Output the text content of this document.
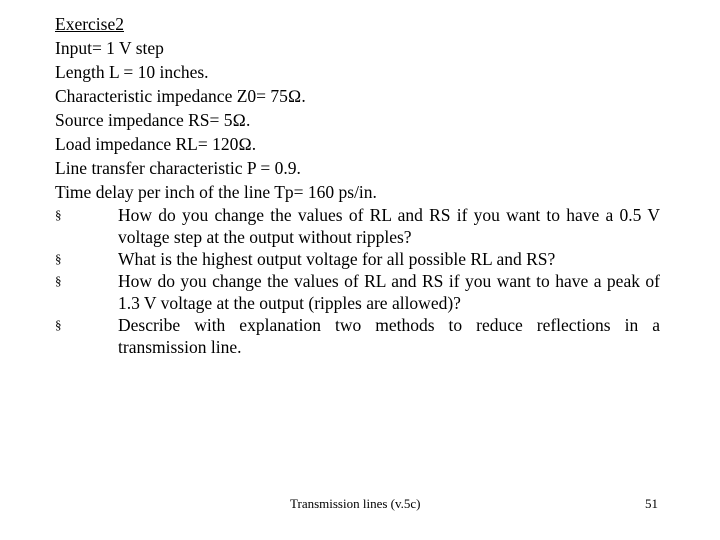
Exercise2
Input= 1 V step
Length L = 10 inches.
Characteristic impedance Z0= 75Ω.
Source impedance RS= 5Ω.
Load impedance RL= 120Ω.
Line transfer characteristic P = 0.9.
Time delay per inch of the line Tp= 160 ps/in.
§	How do you change the values of RL and RS if you want to have a 0.5 V voltage step at the output without ripples?
§	What is the highest output voltage for all possible RL and RS?
§	How do you change the values of RL and RS if you want to have a peak of 1.3 V voltage at the output (ripples are allowed)?
§	Describe with explanation two methods to reduce reflections in a transmission line.
Transmission lines (v.5c)	51
